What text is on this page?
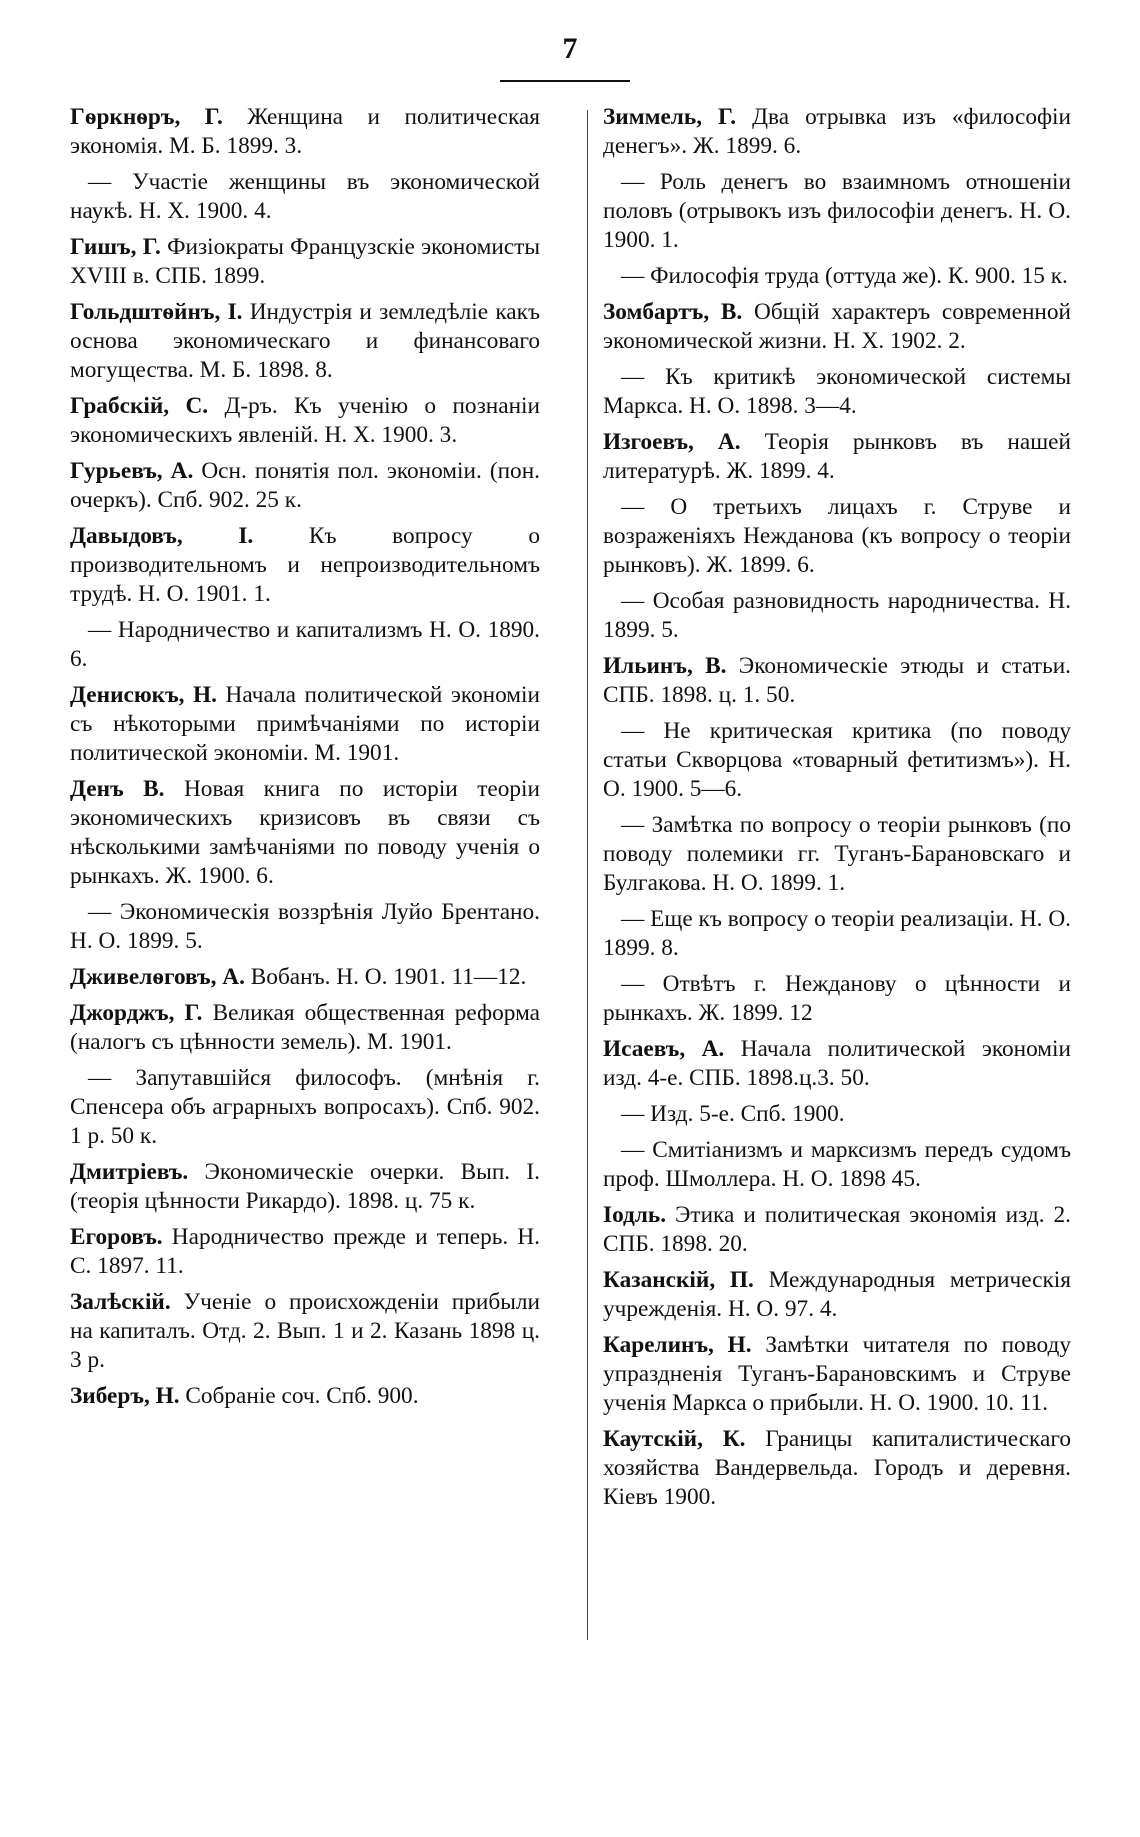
7

Гѳркнѳръ, Г. Женщина и политическая экономія. М. Б. 1899. 3.

— Участіе женщины въ экономической наукѣ. Н. Х. 1900. 4.

Гишъ, Г. Физіократы Французскіе экономисты XVIII в. СПБ. 1899.

Гольдштѳйнъ, І. Индустрія и земледѣліе какъ основа экономическаго и финансоваго могущества. М. Б. 1898. 8.

Грабскій, С. Д-ръ. Къ ученію о познаніи экономическихъ явленій. Н. Х. 1900. 3.

Гурьевъ, А. Осн. понятія пол. экономіи. (пон. очеркъ). Спб. 902. 25 к.

Давыдовъ, І. Къ вопросу о производительномъ и непроизводительномъ трудѣ. Н. О. 1901. 1.

— Народничество и капитализмъ Н. О. 1890. 6.

Денисюкъ, Н. Начала политической экономіи съ нѣкоторыми примѣчаніями по исторіи политической экономіи. М. 1901.

Денъ В. Новая книга по исторіи теоріи экономическихъ кризисовъ въ связи съ нѣсколькими замѣчаніями по поводу ученія о рынкахъ. Ж. 1900. 6.

— Экономическія воззрѣнія Луйо Брентано. Н. О. 1899. 5.

Дживелѳговъ, А. Вобанъ. Н. О. 1901. 11—12.

Джорджъ, Г. Великая общественная реформа (налогъ съ цѣнности земель). М. 1901.

— Запутавшійся философъ. (мнѣнія г. Спенсера объ аграрныхъ вопросахъ). Спб. 902. 1 р. 50 к.

Дмитріевъ. Экономическіе очерки. Вып. І. (теорія цѣнности Рикардо). 1898. ц. 75 к.

Егоровъ. Народничество прежде и теперь. Н. С. 1897. 11.

Залѣскій. Ученіе о происхожденіи прибыли на капиталъ. Отд. 2. Вып. 1 и 2. Казань 1898 ц. 3 р.

Зиберъ, Н. Собраніе соч. Спб. 900.

Зиммель, Г. Два отрывка изъ «философіи денегъ». Ж. 1899. 6.

— Роль денегъ во взаимномъ отношеніи половъ (отрывокъ изъ философіи денегъ. Н. О. 1900. 1.

— Философія труда (оттуда же). К. 900. 15 к.

Зомбартъ, В. Общій характеръ современной экономической жизни. Н. Х. 1902. 2.

— Къ критикѣ экономической системы Маркса. Н. О. 1898. 3—4.

Изгоевъ, А. Теорія рынковъ въ нашей литературѣ. Ж. 1899. 4.

— О третьихъ лицахъ г. Струве и возраженіяхъ Нежданова (къ вопросу о теоріи рынковъ). Ж. 1899. 6.

— Особая разновидность народничества. Н. 1899. 5.

Ильинъ, В. Экономическіе этюды и статьи. СПБ. 1898. ц. 1. 50.

— Не критическая критика (по поводу статьи Скворцова «товарный фетитизмъ»). Н. О. 1900. 5—6.

— Замѣтка по вопросу о теоріи рынковъ (по поводу полемики гг. Туганъ-Барановскаго и Булгакова. Н. О. 1899. 1.

— Еще къ вопросу о теоріи реализаціи. Н. О. 1899. 8.

— Отвѣтъ г. Нежданову о цѣнности и рынкахъ. Ж. 1899. 12

Исаевъ, А. Начала политической экономіи изд. 4-е. СПБ. 1898.ц.3. 50.

— Изд. 5-е. Спб. 1900.

— Смитіанизмъ и марксизмъ передъ судомъ проф. Шмоллера. Н. О. 1898 45.

Іодль. Этика и политическая экономія изд. 2. СПБ. 1898. 20.

Казанскій, П. Международныя метрическія учрежденія. Н. О. 97. 4.

Карелинъ, Н. Замѣтки читателя по поводу упраздненія Туганъ-Барановскимъ и Струве ученія Маркса о прибыли. Н. О. 1900. 10. 11.

Каутскій, К. Границы капиталистическаго хозяйства Вандервельда. Городъ и деревня. Кіевъ 1900.
